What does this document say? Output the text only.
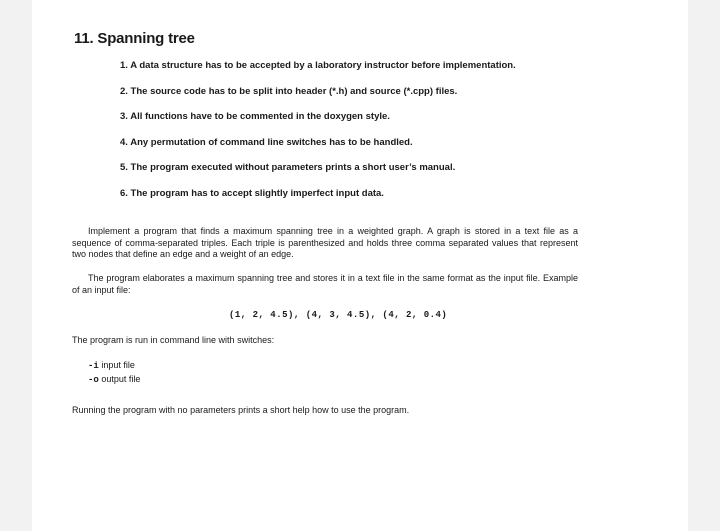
11. Spanning tree
1. A data structure has to be accepted by a laboratory instructor before implementation.
2. The source code has to be split into header (*.h) and source (*.cpp) files.
3. All functions have to be commented in the doxygen style.
4. Any permutation of command line switches has to be handled.
5. The program executed without parameters prints a short user’s manual.
6. The program has to accept slightly imperfect input data.

Implement a program that finds a maximum spanning tree in a weighted graph. A graph is stored in a text file as a sequence of comma-separated triples. Each triple is parenthesized and holds three comma separated values that represent two nodes that define an edge and a weight of an edge.

The program elaborates a maximum spanning tree and stores it in a text file in the same format as the input file. Example of an input file:

(1, 2, 4.5), (4, 3, 4.5), (4, 2, 0.4)
The program is run in command line with switches:
-i input file
-o output file
Running the program with no parameters prints a short help how to use the program.
